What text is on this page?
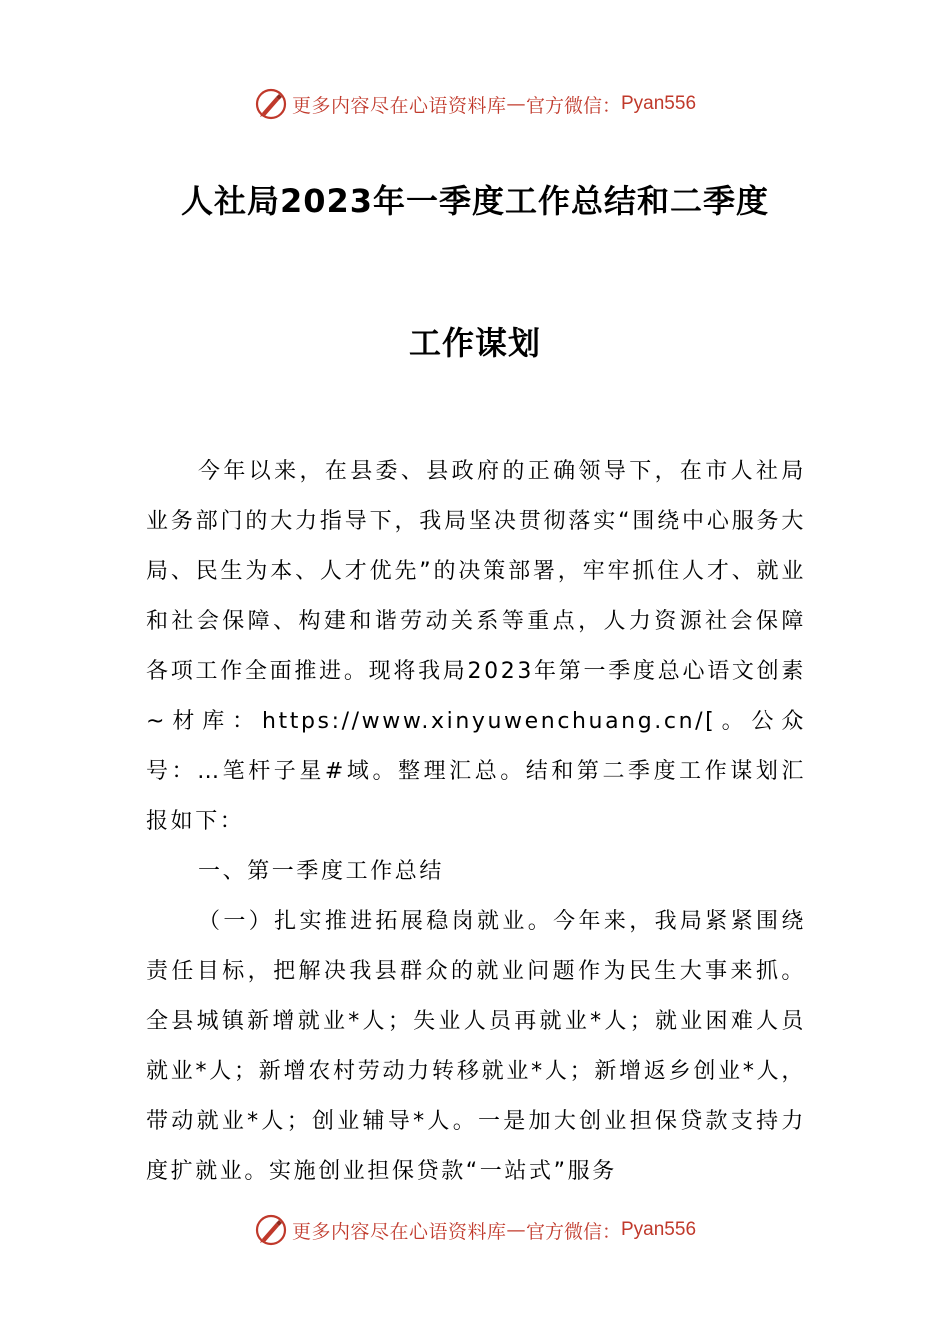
更多内容尽在心语资料库 — 官方微信： Pyan556
人社局2023年一季度工作总结和二季度
工作谋划

今年以来，在县委、县政府的正确领导下，在市人社局业务部门的大力指导下，我局坚决贯彻落实“围绕中心服务大局、民生为本、人才优先”的决策部署，牢牢抓住人才、就业和社会保障、构建和谐劳动关系等重点，人力资源社会保障各项工作全面推进。现将我局2023年第一季度总心语文创素~材库：https://www.xinyuwenchuang.cn/[。公众号：…笔杆子星#域。整理汇总。结和第二季度工作谋划汇报如下：

一、第一季度工作总结

（一）扎实推进拓展稳岗就业。今年来，我局紧紧围绕责任目标，把解决我县群众的就业问题作为民生大事来抓。全县城镇新增就业*人；失业人员再就业*人；就业困难人员就业*人；新增农村劳动力转移就业*人；新增返乡创业*人，带动就业*人；创业辅导*人。一是加大创业担保贷款支持力度扩就业。实施创业担保贷款“一站式”服务

更多内容尽在心语资料库 — 官方微信： Pyan556
